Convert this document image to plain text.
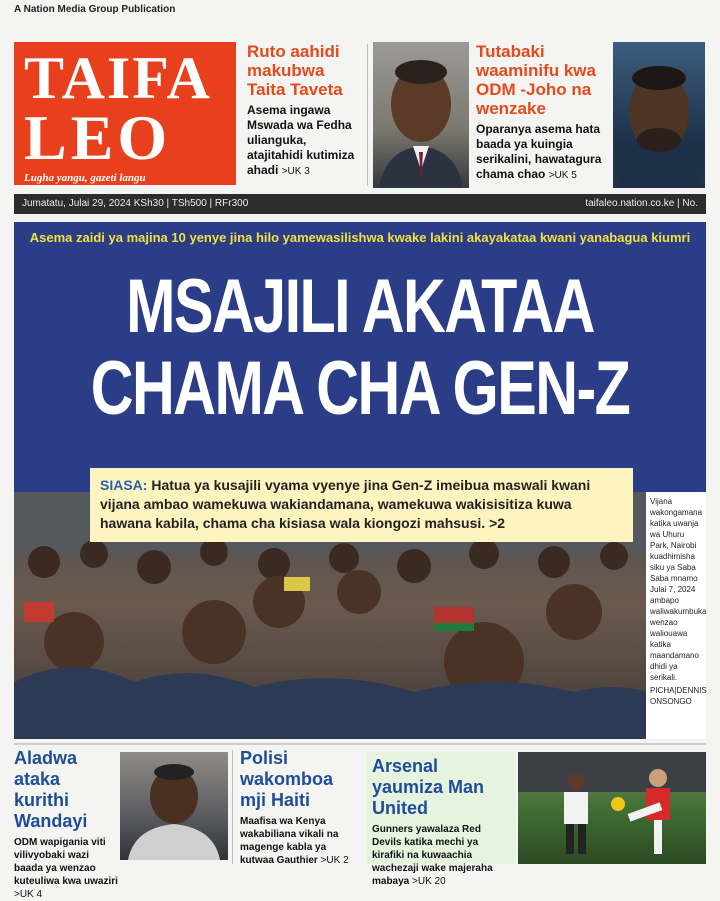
A Nation Media Group Publication
TAIFA
LEO
Lugha yangu, gazeti langu
Ruto aahidi makubwa Taita Taveta
Asema ingawa Mswada wa Fedha ulianguka, atajitahidi kutimiza ahadi >UK 3
Tutabaki waaminifu kwa ODM -Joho na wenzake
Oparanya asema hata baada ya kuingia serikalini, hawatagura chama chao >UK 5
Jumatatu, Julai 29, 2024 KSh30 | TSh500 | RFr300	taifaleo.nation.co.ke | No.
Asema zaidi ya majina 10 yenye jina hilo yamewasilishwa kwake lakini akayakataa kwani yanabagua kiumri
MSAJILI AKATAA
CHAMA CHA GEN-Z
SIASA: Hatua ya kusajili vyama vyenye jina Gen-Z imeibua maswali kwani vijana ambao wamekuwa wakiandamana, wamekuwa wakisisitiza kuwa hawana kabila, chama cha kisiasa wala kiongozi mahsusi. >2
Vijana wakongamana katika uwanja wa Uhuru Park, Nairobi kuadhimisha siku ya Saba Saba mnamo Julai 7, 2024 ambapo waliwakumbuka wenzao waliouawa katika maandamano dhidi ya serikali.
PICHA|DENNIS ONSONGO
Aladwa ataka kurithi Wandayi
ODM wapigania viti vilivyobaki wazi baada ya wenzao kuteuliwa kwa uwaziri >UK 4
Polisi wakomboa mji Haiti
Maafisa wa Kenya wakabiliana vikali na magenge kabla ya kutwaa Gauthier >UK 2
Arsenal yaumiza Man United
Gunners yawalaza Red Devils katika mechi ya kirafiki na kuwaachia wachezaji wake majeraha mabaya >UK 20
